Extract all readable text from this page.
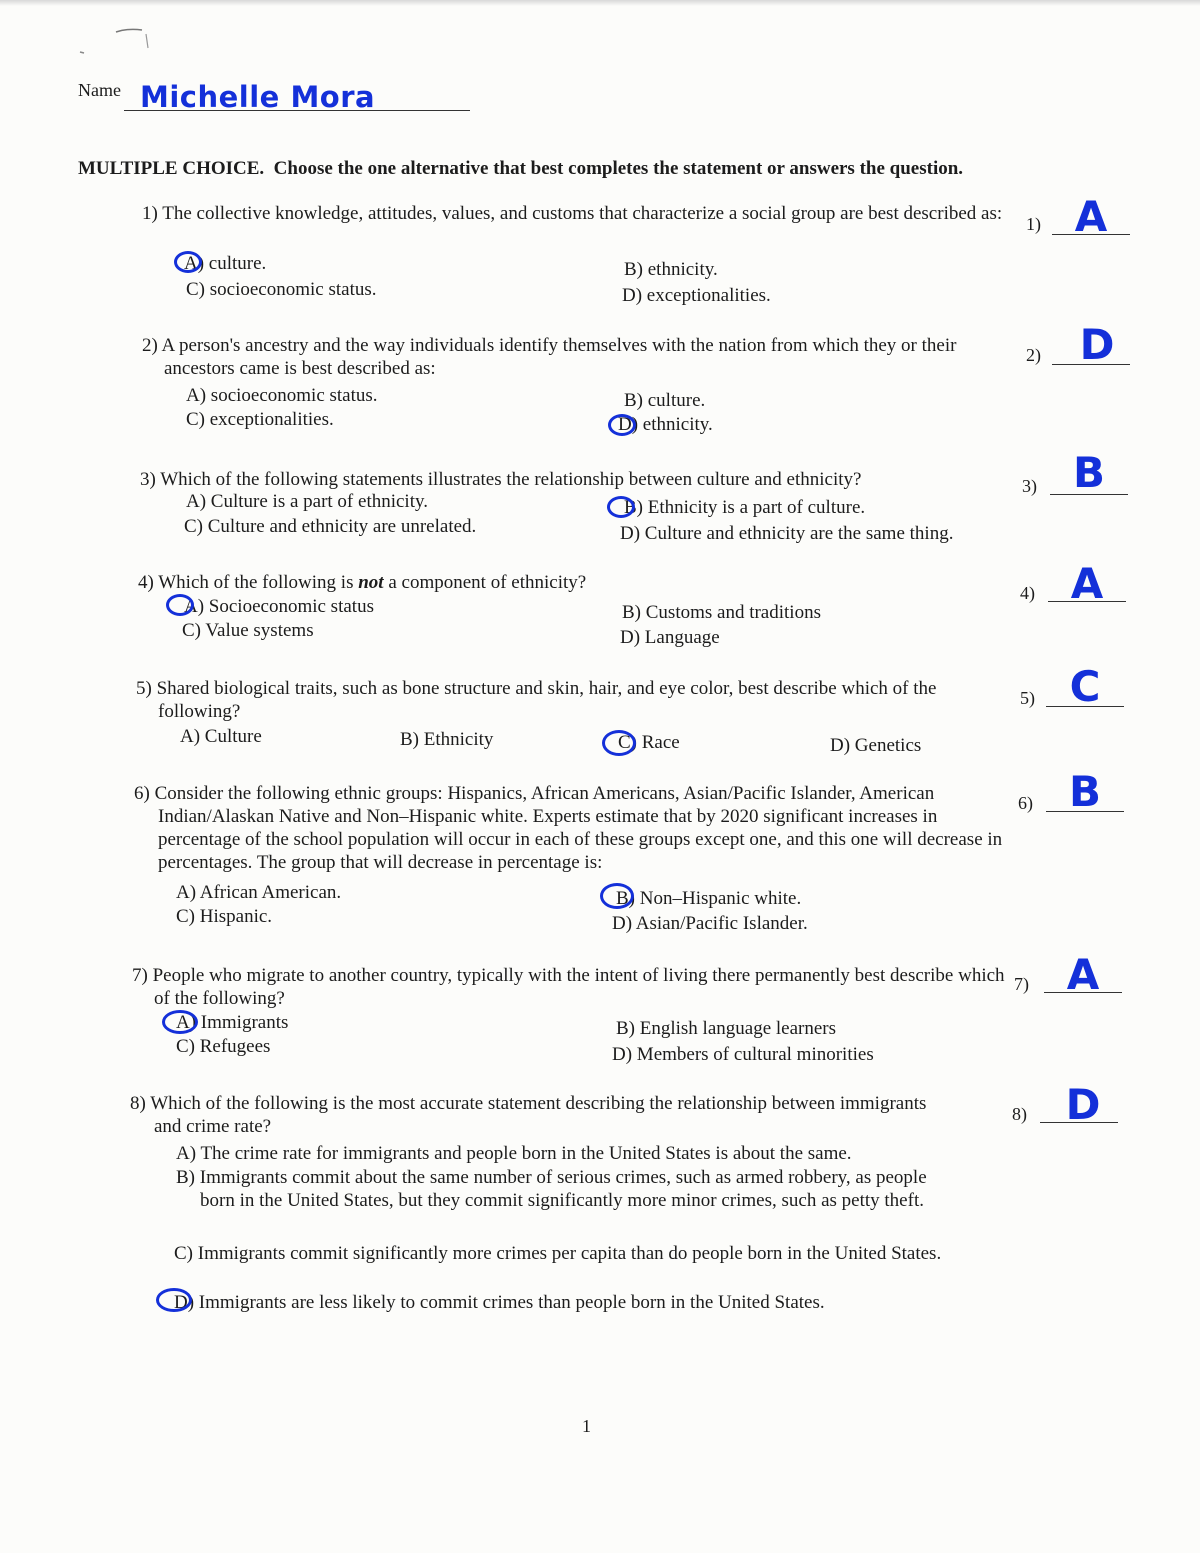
Name Michelle Mora
MULTIPLE CHOICE. Choose the one alternative that best completes the statement or answers the question.
1) The collective knowledge, attitudes, values, and customs that characterize a social group are best described as:
A) culture.	B) ethnicity.
C) socioeconomic status.	D) exceptionalities.
1) A
2) A person's ancestry and the way individuals identify themselves with the nation from which they or their ancestors came is best described as:
A) socioeconomic status.	B) culture.
C) exceptionalities.	D) ethnicity.
2) D
3) Which of the following statements illustrates the relationship between culture and ethnicity?
A) Culture is a part of ethnicity.	B) Ethnicity is a part of culture.
C) Culture and ethnicity are unrelated.	D) Culture and ethnicity are the same thing.
3) B
4) Which of the following is not a component of ethnicity?
A) Socioeconomic status	B) Customs and traditions
C) Value systems	D) Language
4) A
5) Shared biological traits, such as bone structure and skin, hair, and eye color, best describe which of the following?
A) Culture	B) Ethnicity	C) Race	D) Genetics
5) C
6) Consider the following ethnic groups: Hispanics, African Americans, Asian/Pacific Islander, American Indian/Alaskan Native and Non–Hispanic white. Experts estimate that by 2020 significant increases in percentage of the school population will occur in each of these groups except one, and this one will decrease in percentages. The group that will decrease in percentage is:
A) African American.	B) Non–Hispanic white.
C) Hispanic.	D) Asian/Pacific Islander.
6) B
7) People who migrate to another country, typically with the intent of living there permanently best describe which of the following?
A) Immigrants	B) English language learners
C) Refugees	D) Members of cultural minorities
7) A
8) Which of the following is the most accurate statement describing the relationship between immigrants and crime rate?
A) The crime rate for immigrants and people born in the United States is about the same.
B) Immigrants commit about the same number of serious crimes, such as armed robbery, as people born in the United States, but they commit significantly more minor crimes, such as petty theft.
C) Immigrants commit significantly more crimes per capita than do people born in the United States.
D) Immigrants are less likely to commit crimes than people born in the United States.
8) D
1
